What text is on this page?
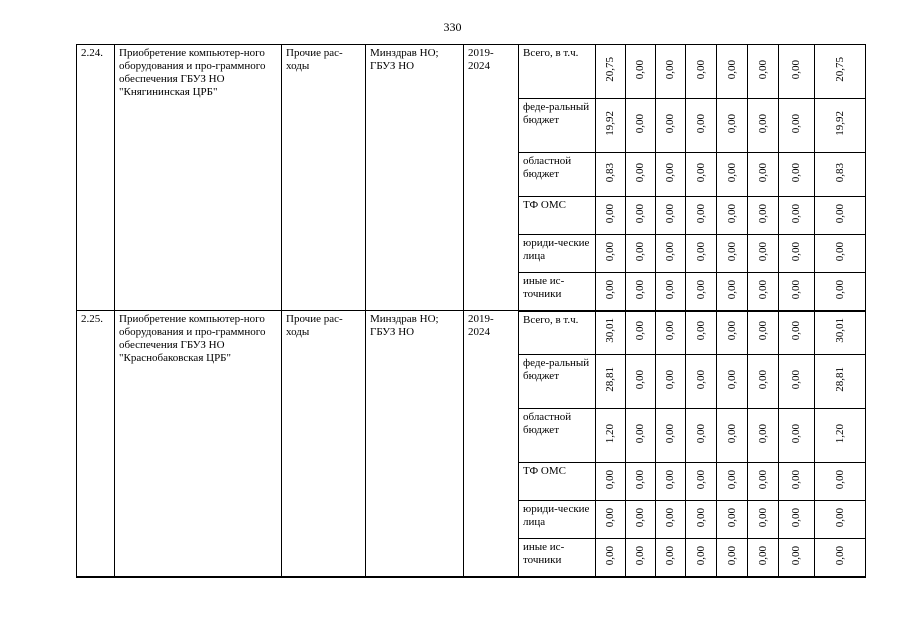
330
2.24.	Приобретение компьютер-ного оборудования и про-граммного обеспечения ГБУЗ НО "Княгининская ЦРБ"	Прочие рас-ходы	Минздрав НО; ГБУЗ НО	2019-2024	Всего, в т.ч.	20,75	0,00	0,00	0,00	0,00	0,00	0,00	20,75
					феде-ральный бюджет	19,92	0,00	0,00	0,00	0,00	0,00	0,00	19,92
					областной бюджет	0,83	0,00	0,00	0,00	0,00	0,00	0,00	0,83
					ТФ ОМС	0,00	0,00	0,00	0,00	0,00	0,00	0,00	0,00
					юриди-ческие лица	0,00	0,00	0,00	0,00	0,00	0,00	0,00	0,00
					иные ис-точники	0,00	0,00	0,00	0,00	0,00	0,00	0,00	0,00
2.25.	Приобретение компьютер-ного оборудования и про-граммного обеспечения ГБУЗ НО "Краснобаковская ЦРБ"	Прочие рас-ходы	Минздрав НО; ГБУЗ НО	2019-2024	Всего, в т.ч.	30,01	0,00	0,00	0,00	0,00	0,00	0,00	30,01
					феде-ральный бюджет	28,81	0,00	0,00	0,00	0,00	0,00	0,00	28,81
					областной бюджет	1,20	0,00	0,00	0,00	0,00	0,00	0,00	1,20
					ТФ ОМС	0,00	0,00	0,00	0,00	0,00	0,00	0,00	0,00
					юриди-ческие лица	0,00	0,00	0,00	0,00	0,00	0,00	0,00	0,00
					иные ис-точники	0,00	0,00	0,00	0,00	0,00	0,00	0,00	0,00
